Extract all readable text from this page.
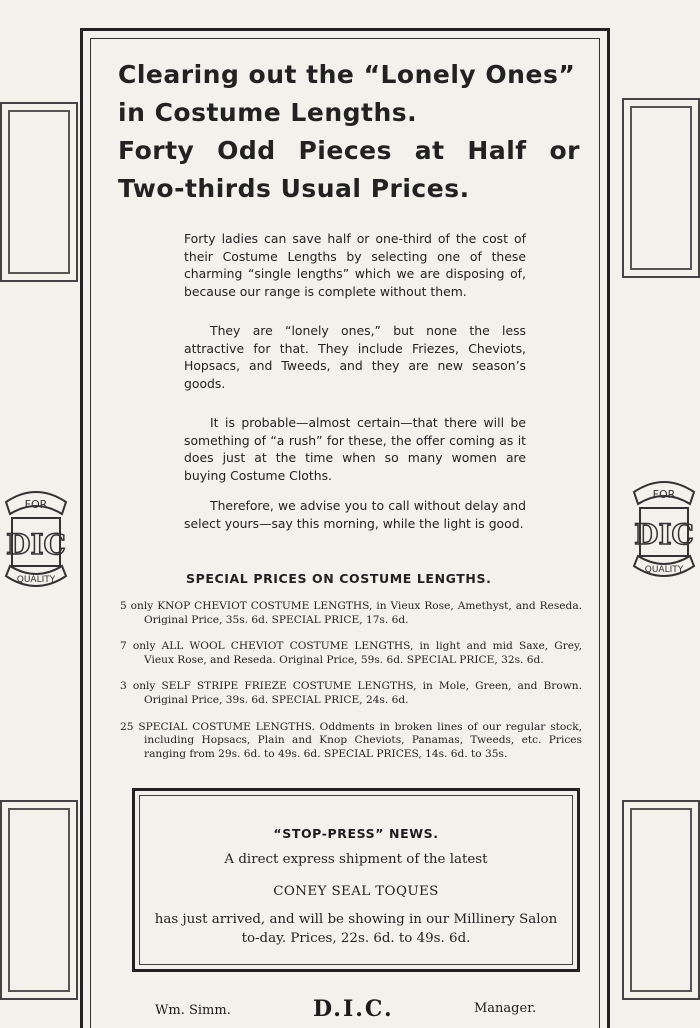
FOR
DIC
QUALITY
FOR
DIC
QUALITY
Clearing out the “Lonely Ones”
in Costume Lengths.
Forty Odd Pieces at Half or
Two-thirds Usual Prices.
Forty ladies can save half or one-third of the cost of their Costume Lengths by selecting one of these charming “single lengths” which we are disposing of, because our range is complete without them.
They are “lonely ones,” but none the less attractive for that. They include Friezes, Cheviots, Hopsacs, and Tweeds, and they are new season’s goods.
It is probable—almost certain—that there will be something of “a rush” for these, the offer coming as it does just at the time when so many women are buying Costume Cloths.
Therefore, we advise you to call without delay and select yours—say this morning, while the light is good.
SPECIAL PRICES ON COSTUME LENGTHS.
5 only KNOP CHEVIOT COSTUME LENGTHS, in Vieux Rose, Amethyst, and Reseda. Original Price, 35s. 6d. SPECIAL PRICE, 17s. 6d.
7 only ALL WOOL CHEVIOT COSTUME LENGTHS, in light and mid Saxe, Grey, Vieux Rose, and Reseda. Original Price, 59s. 6d. SPECIAL PRICE, 32s. 6d.
3 only SELF STRIPE FRIEZE COSTUME LENGTHS, in Mole, Green, and Brown. Original Price, 39s. 6d. SPECIAL PRICE, 24s. 6d.
25 SPECIAL COSTUME LENGTHS. Oddments in broken lines of our regular stock, including Hopsacs, Plain and Knop Cheviots, Panamas, Tweeds, etc. Prices ranging from 29s. 6d. to 49s. 6d. SPECIAL PRICES, 14s. 6d. to 35s.
“STOP-PRESS” NEWS.
A direct express shipment of the latest
CONEY SEAL TOQUES
has just arrived, and will be showing in our Millinery Salon to-day. Prices, 22s. 6d. to 49s. 6d.
Wm. Simm.	D.I.C.	Manager.
